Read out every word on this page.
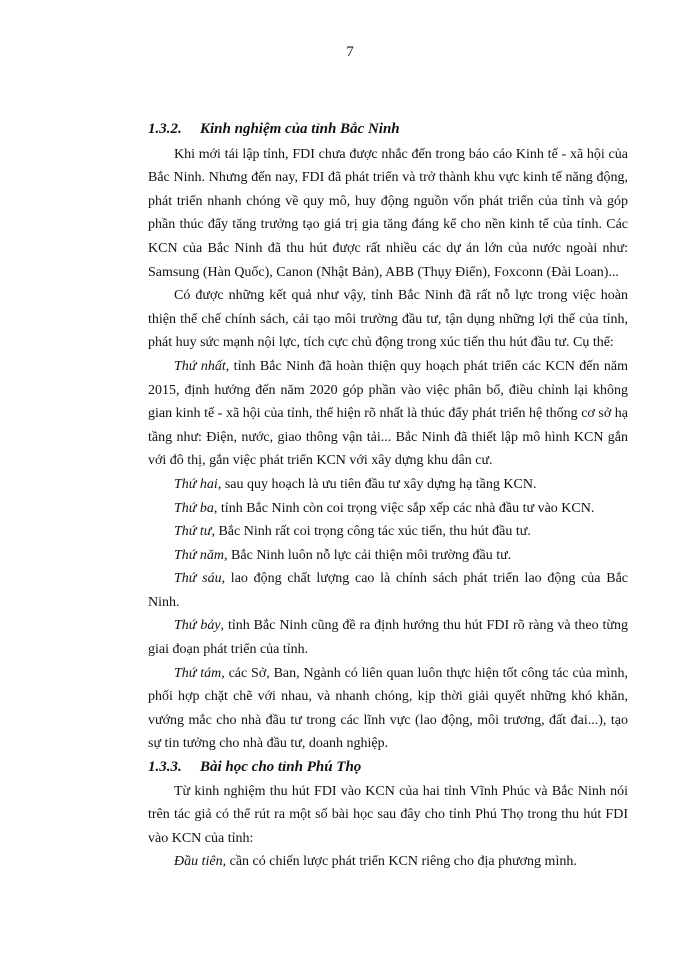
7
1.3.2. Kinh nghiệm của tỉnh Bắc Ninh

Khi mới tái lập tỉnh, FDI chưa được nhắc đến trong báo cáo Kinh tế - xã hội của Bắc Ninh. Nhưng đến nay, FDI đã phát triển và trở thành khu vực kinh tế năng động, phát triển nhanh chóng về quy mô, huy động nguồn vốn phát triển của tỉnh và góp phần thúc đẩy tăng trưởng tạo giá trị gia tăng đáng kể cho nền kinh tế của tỉnh. Các KCN của Bắc Ninh đã thu hút được rất nhiều các dự án lớn của nước ngoài như: Samsung (Hàn Quốc), Canon (Nhật Bản), ABB (Thụy Điển), Foxconn (Đài Loan)...

Có được những kết quả như vậy, tỉnh Bắc Ninh đã rất nỗ lực trong việc hoàn thiện thể chế chính sách, cải tạo môi trường đầu tư, tận dụng những lợi thế của tỉnh, phát huy sức mạnh nội lực, tích cực chủ động trong xúc tiến thu hút đầu tư. Cụ thể:

Thứ nhất, tỉnh Bắc Ninh đã hoàn thiện quy hoạch phát triển các KCN đến năm 2015, định hướng đến năm 2020 góp phần vào việc phân bổ, điều chỉnh lại không gian kinh tế - xã hội của tỉnh, thể hiện rõ nhất là thúc đẩy phát triển hệ thống cơ sở hạ tầng như: Điện, nước, giao thông vận tải... Bắc Ninh đã thiết lập mô hình KCN gắn với đô thị, gắn việc phát triển KCN với xây dựng khu dân cư.

Thứ hai, sau quy hoạch là ưu tiên đầu tư xây dựng hạ tầng KCN.

Thứ ba, tỉnh Bắc Ninh còn coi trọng việc sắp xếp các nhà đầu tư vào KCN.

Thứ tư, Bắc Ninh rất coi trọng công tác xúc tiến, thu hút đầu tư.

Thứ năm, Bắc Ninh luôn nỗ lực cải thiện môi trường đầu tư.

Thứ sáu, lao động chất lượng cao là chính sách phát triển lao động của Bắc Ninh.

Thứ bảy, tỉnh Bắc Ninh cũng đề ra định hướng thu hút FDI rõ ràng và theo từng giai đoạn phát triển của tỉnh.

Thứ tám, các Sở, Ban, Ngành có liên quan luôn thực hiện tốt công tác của mình, phối hợp chặt chẽ với nhau, và nhanh chóng, kịp thời giải quyết những khó khăn, vướng mắc cho nhà đầu tư trong các lĩnh vực (lao động, môi trương, đất đai...), tạo sự tin tưởng cho nhà đầu tư, doanh nghiệp.

1.3.3. Bài học cho tỉnh Phú Thọ

Từ kinh nghiệm thu hút FDI vào KCN của hai tỉnh Vĩnh Phúc và Bắc Ninh nói trên tác giả có thể rút ra một số bài học sau đây cho tỉnh Phú Thọ trong thu hút FDI vào KCN của tỉnh:

Đầu tiên, cần có chiến lược phát triển KCN riêng cho địa phương mình.
